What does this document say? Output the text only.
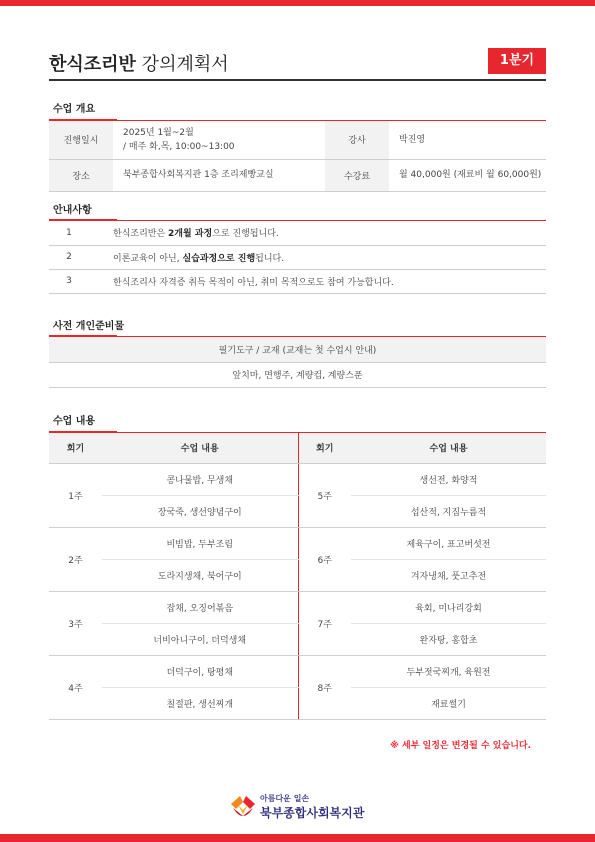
한식조리반 강의계획서	1분기
수업 개요
진행일시	2025년 1월~2월
/ 매주 화,목, 10:00~13:00	강사	박진영
장소	북부종합사회복지관 1층 조리제빵교실	수강료	월 40,000원 (재료비 월 60,000원)
안내사항
1	한식조리반은 2개월 과정으로 진행됩니다.
2	이론교육이 아닌, 실습과정으로 진행됩니다.
3	한식조리사 자격증 취득 목적이 아닌, 취미 목적으로도 참여 가능합니다.
사전 개인준비물
필기도구 / 교재 (교재는 첫 수업시 안내)
앞치마, 면행주, 계량컵, 계량스푼
수업 내용
회기	수업 내용	회기	수업 내용
1주	콩나물밥, 무생채	5주	생선전, 화양적
	장국죽, 생선양념구이		섭산적, 지짐누름적
2주	비빔밥, 두부조림	6주	제육구이, 표고버섯전
	도라지생채, 북어구이		겨자냉채, 풋고추전
3주	잡채, 오징어볶음	7주	육회, 미나리강회
	너비아니구이, 더덕생채		완자탕, 홍합초
4주	더덕구이, 탕평채	8주	두부젓국찌개, 육원전
	칠절판, 생선찌개		재료썰기
※ 세부 일정은 변경될 수 있습니다.
아름다운 일손
북부종합사회복지관
